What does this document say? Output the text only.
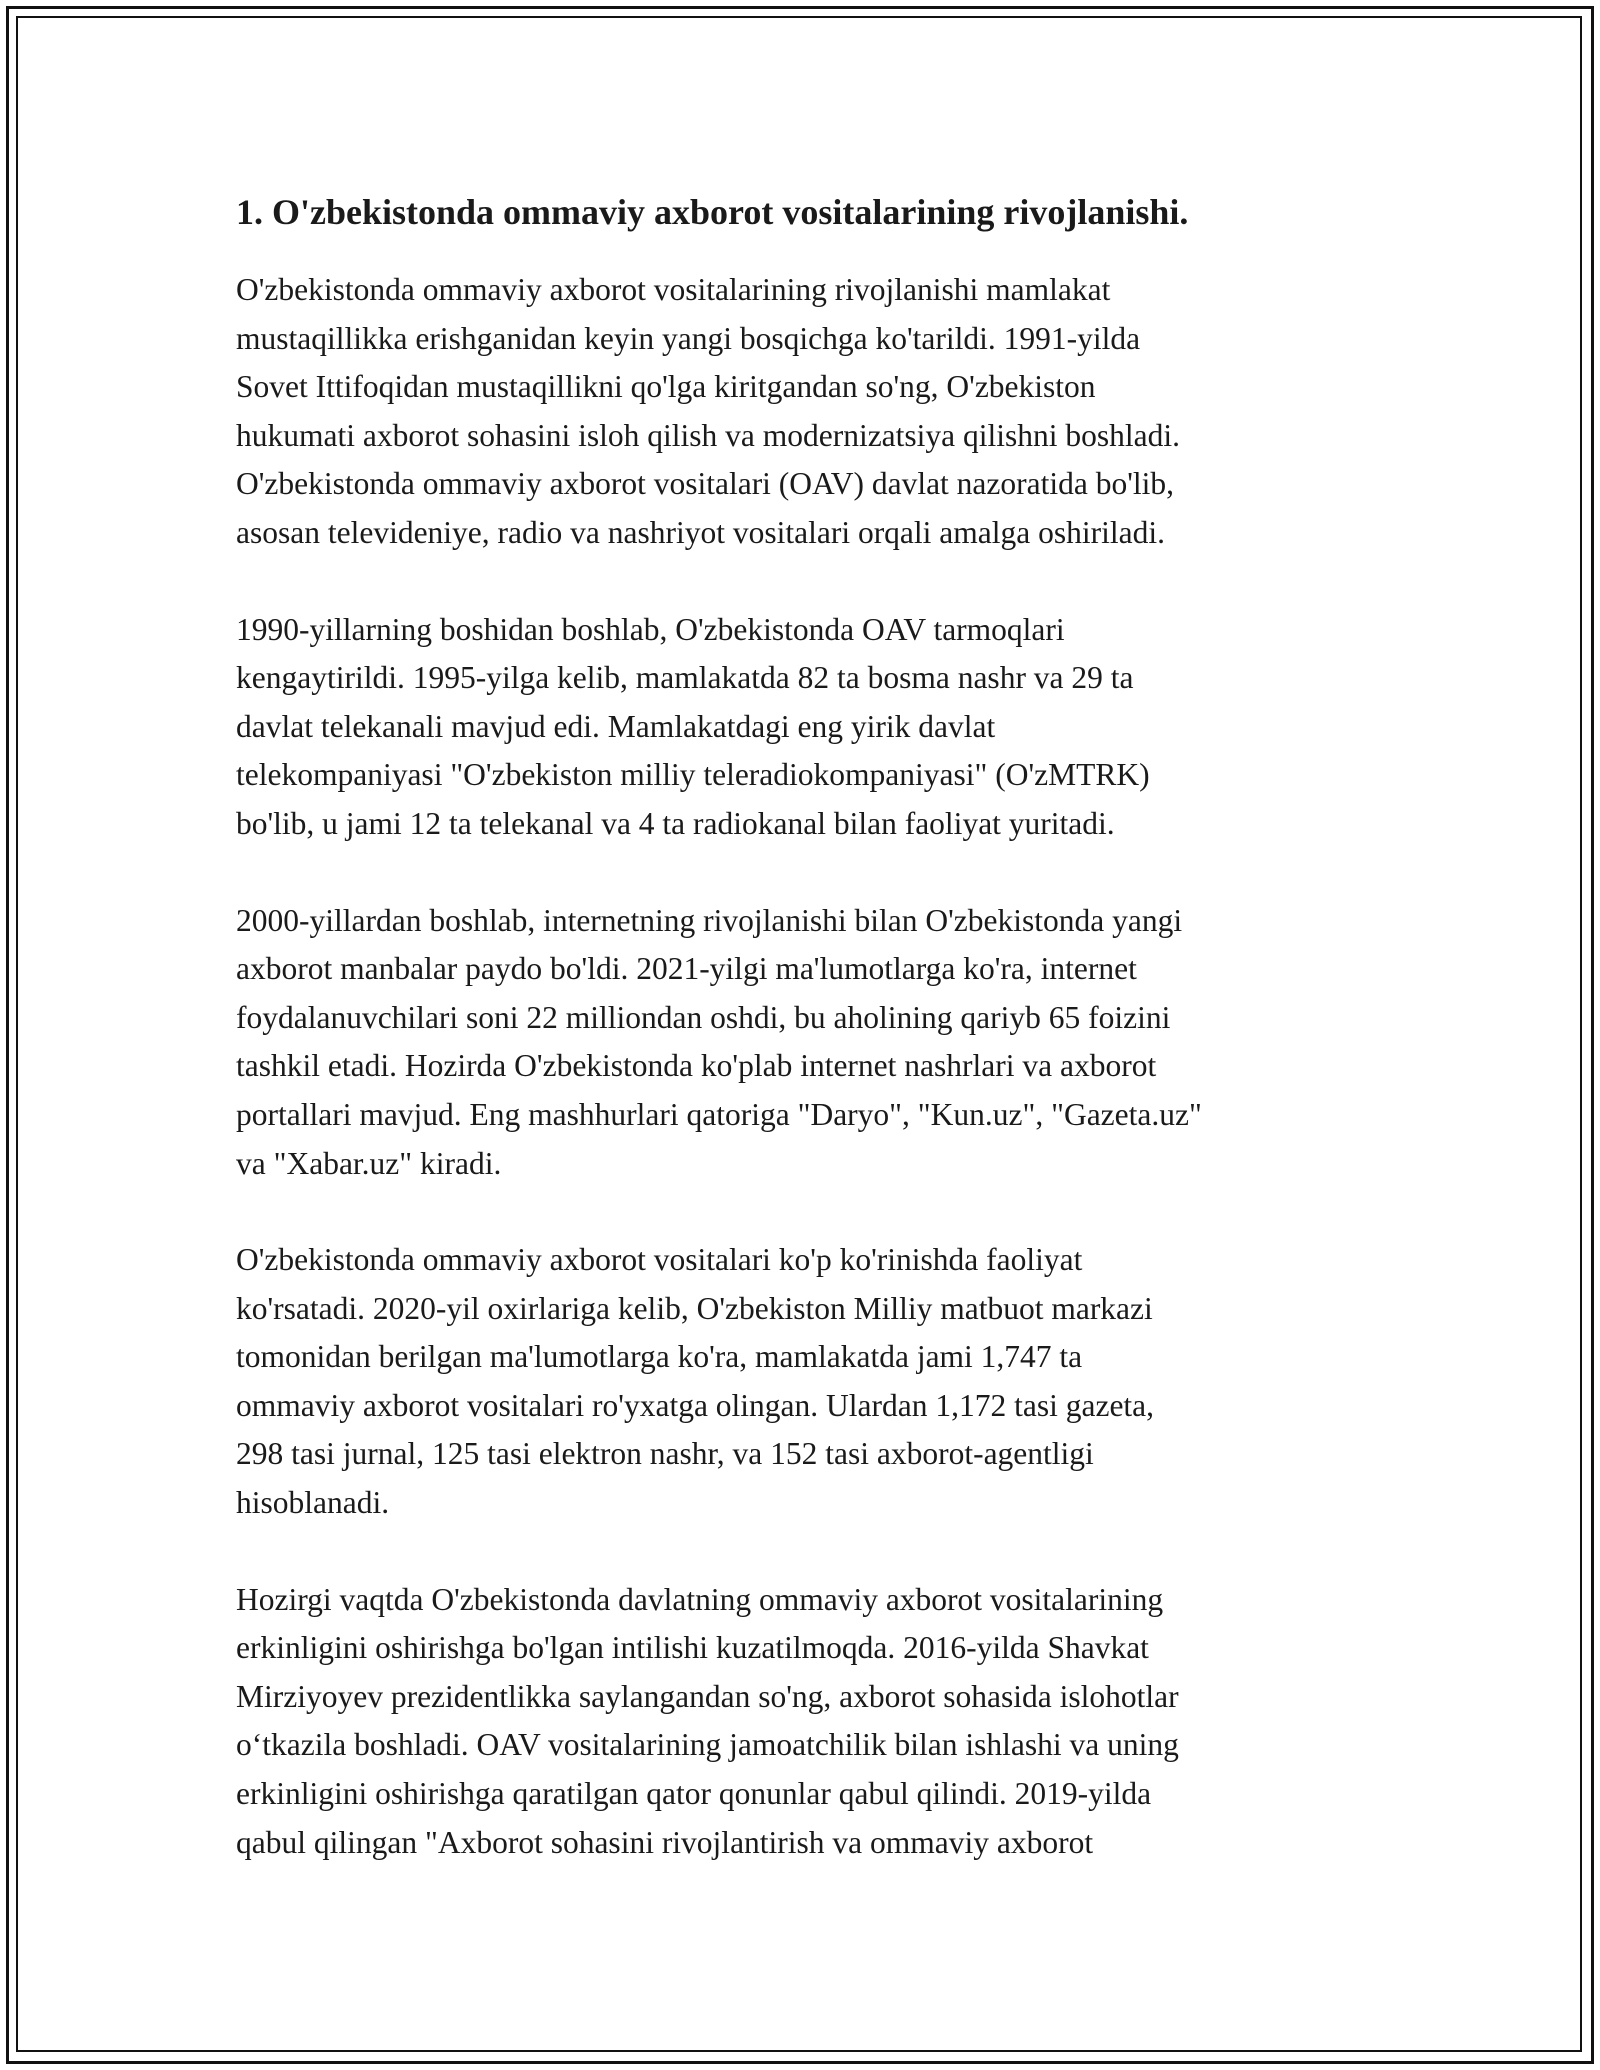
1. O'zbekistonda ommaviy axborot vositalarining rivojlanishi.

O'zbekistonda ommaviy axborot vositalarining rivojlanishi mamlakat
mustaqillikka erishganidan keyin yangi bosqichga ko'tarildi. 1991-yilda
Sovet Ittifoqidan mustaqillikni qo'lga kiritgandan so'ng, O'zbekiston
hukumati axborot sohasini isloh qilish va modernizatsiya qilishni boshladi.
O'zbekistonda ommaviy axborot vositalari (OAV) davlat nazoratida bo'lib,
asosan televideniye, radio va nashriyot vositalari orqali amalga oshiriladi.

1990-yillarning boshidan boshlab, O'zbekistonda OAV tarmoqlari
kengaytirildi. 1995-yilga kelib, mamlakatda 82 ta bosma nashr va 29 ta
davlat telekanali mavjud edi. Mamlakatdagi eng yirik davlat
telekompaniyasi "O'zbekiston milliy teleradiokompaniyasi" (O'zMTRK)
bo'lib, u jami 12 ta telekanal va 4 ta radiokanal bilan faoliyat yuritadi.

2000-yillardan boshlab, internetning rivojlanishi bilan O'zbekistonda yangi
axborot manbalar paydo bo'ldi. 2021-yilgi ma'lumotlarga ko'ra, internet
foydalanuvchilari soni 22 milliondan oshdi, bu aholining qariyb 65 foizini
tashkil etadi. Hozirda O'zbekistonda ko'plab internet nashrlari va axborot
portallari mavjud. Eng mashhurlari qatoriga "Daryo", "Kun.uz", "Gazeta.uz"
va "Xabar.uz" kiradi.

O'zbekistonda ommaviy axborot vositalari ko'p ko'rinishda faoliyat
ko'rsatadi. 2020-yil oxirlariga kelib, O'zbekiston Milliy matbuot markazi
tomonidan berilgan ma'lumotlarga ko'ra, mamlakatda jami 1,747 ta
ommaviy axborot vositalari ro'yxatga olingan. Ulardan 1,172 tasi gazeta,
298 tasi jurnal, 125 tasi elektron nashr, va 152 tasi axborot-agentligi
hisoblanadi.

Hozirgi vaqtda O'zbekistonda davlatning ommaviy axborot vositalarining
erkinligini oshirishga bo'lgan intilishi kuzatilmoqda. 2016-yilda Shavkat
Mirziyoyev prezidentlikka saylangandan so'ng, axborot sohasida islohotlar
o‘tkazila boshladi. OAV vositalarining jamoatchilik bilan ishlashi va uning
erkinligini oshirishga qaratilgan qator qonunlar qabul qilindi. 2019-yilda
qabul qilingan "Axborot sohasini rivojlantirish va ommaviy axborot
